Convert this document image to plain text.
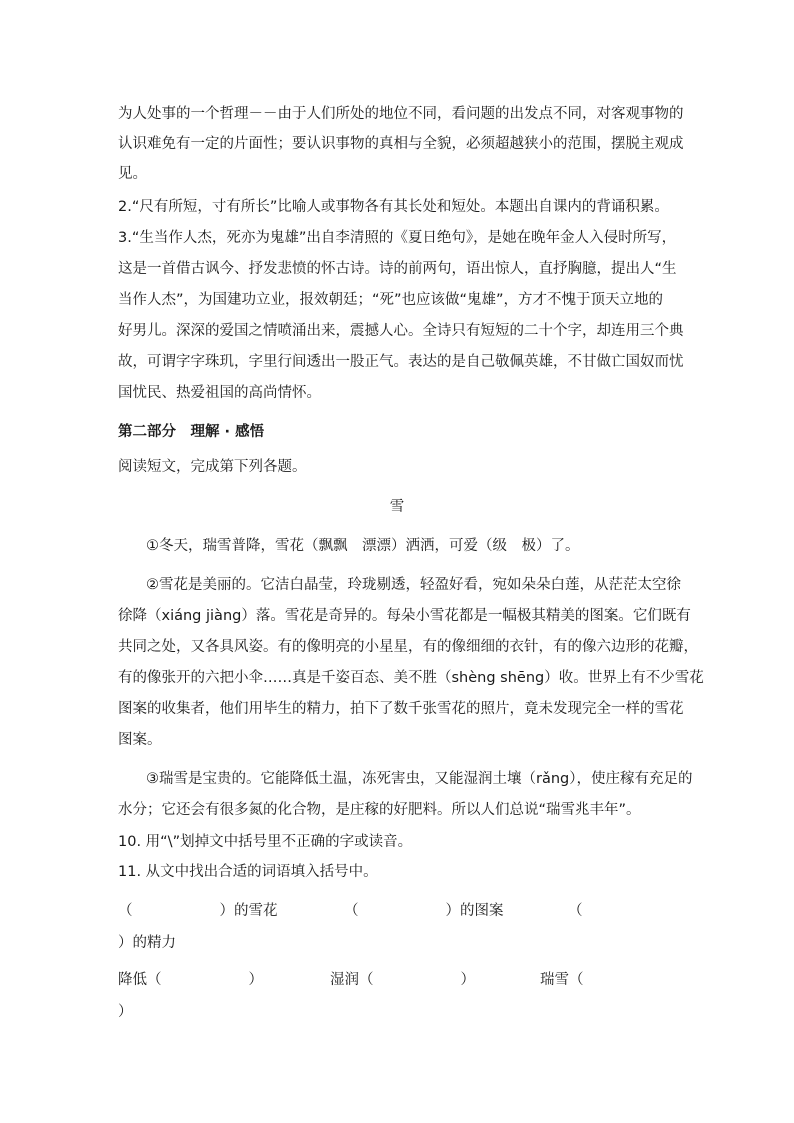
为人处事的一个哲理－－由于人们所处的地位不同，看问题的出发点不同，对客观事物的
认识难免有一定的片面性；要认识事物的真相与全貌，必须超越狭小的范围，摆脱主观成
见。
2.“尺有所短，寸有所长”比喻人或事物各有其长处和短处。本题出自课内的背诵积累。
3.“生当作人杰，死亦为鬼雄”出自李清照的《夏日绝句》，是她在晚年金人入侵时所写，
这是一首借古讽今、抒发悲愤的怀古诗。诗的前两句，语出惊人，直抒胸臆，提出人“生
当作人杰”，为国建功立业，报效朝廷；“死”也应该做“鬼雄”，方才不愧于顶天立地的
好男儿。深深的爱国之情喷涌出来，震撼人心。全诗只有短短的二十个字，却连用三个典
故，可谓字字珠玑，字里行间透出一股正气。表达的是自己敬佩英雄，不甘做亡国奴而忧
国忧民、热爱祖国的高尚情怀。
第二部分　理解 · 感悟
阅读短文，完成第下列各题。
雪
①冬天，瑞雪普降，雪花（飘飘　漂漂）洒洒，可爱（级　极）了。
②雪花是美丽的。它洁白晶莹，玲珑剔透，轻盈好看，宛如朵朵白莲，从茫茫太空徐
徐降（xiáng jiàng）落。雪花是奇异的。每朵小雪花都是一幅极其精美的图案。它们既有
共同之处，又各具风姿。有的像明亮的小星星，有的像细细的衣针，有的像六边形的花瓣，
有的像张开的六把小伞……真是千姿百态、美不胜（shèng shēng）收。世界上有不少雪花
图案的收集者，他们用毕生的精力，拍下了数千张雪花的照片，竟未发现完全一样的雪花
图案。
③瑞雪是宝贵的。它能降低土温，冻死害虫，又能湿润土壤（rǎng），使庄稼有充足的
水分；它还会有很多氮的化合物，是庄稼的好肥料。所以人们总说“瑞雪兆丰年”。
10. 用“\”划掉文中括号里不正确的字或读音。
11. 从文中找出合适的词语填入括号中。
（　　　　　　）的雪花	（　　　　　　）的图案	（
）的精力
降低（　　　　　　）	湿润（　　　　　　）	瑞雪（
）
